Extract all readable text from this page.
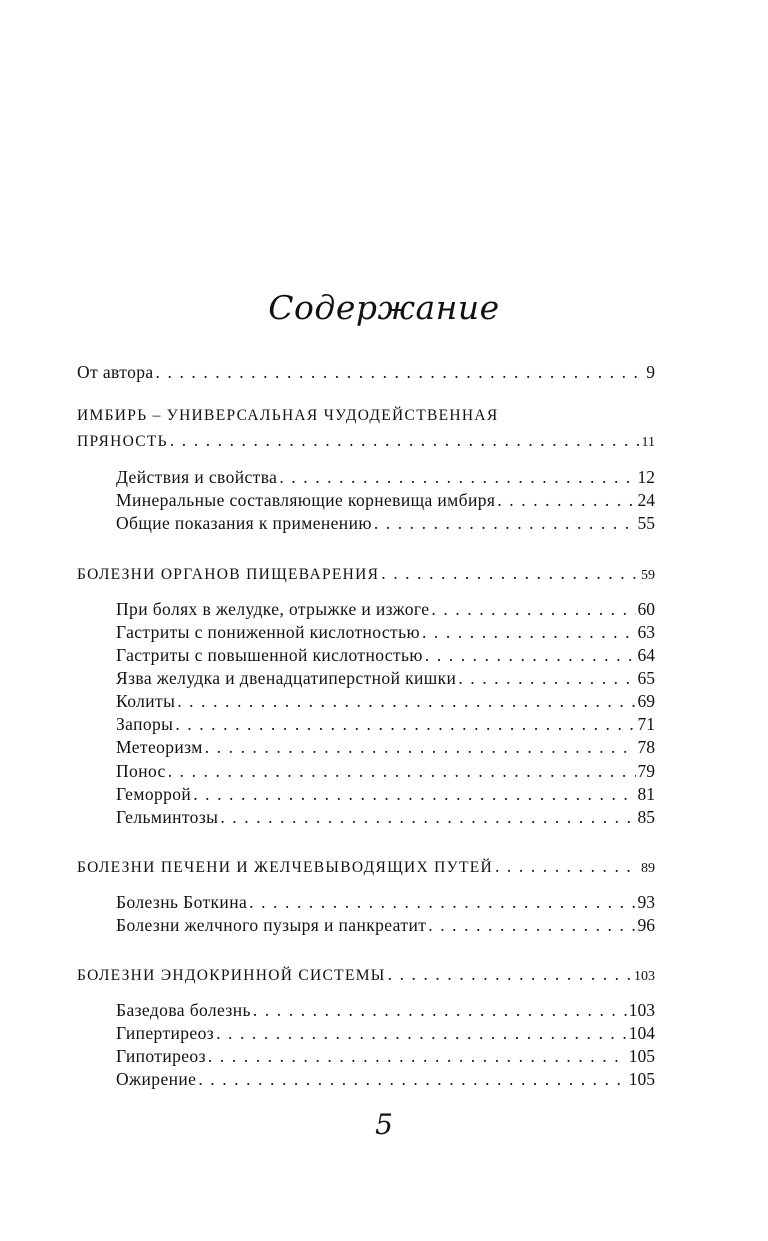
Содержание
От автора . . .	9
ИМБИРЬ – УНИВЕРСАЛЬНАЯ ЧУДОДЕЙСТВЕННАЯ
ПРЯНОСТЬ . . .	11
Действия и свойства . . .	12
Минеральные составляющие корневища имбиря . . .	24
Общие показания к применению . . .	55
БОЛЕЗНИ ОРГАНОВ ПИЩЕВАРЕНИЯ . . .	59
При болях в желудке, отрыжке и изжоге . . .	60
Гастриты с пониженной кислотностью . . .	63
Гастриты с повышенной кислотностью . . .	64
Язва желудка и двенадцатиперстной кишки . . .	65
Колиты . . .	69
Запоры . . .	71
Метеоризм . . .	78
Понос . . .	79
Геморрой . . .	81
Гельминтозы . . .	85
БОЛЕЗНИ ПЕЧЕНИ И ЖЕЛЧЕВЫВОДЯЩИХ ПУТЕЙ . . .	89
Болезнь Боткина . . .	93
Болезни желчного пузыря и панкреатит . . .	96
БОЛЕЗНИ ЭНДОКРИННОЙ СИСТЕМЫ . . .	103
Базедова болезнь . . .	103
Гипертиреоз . . .	104
Гипотиреоз . . .	105
Ожирение . . .	105
5
